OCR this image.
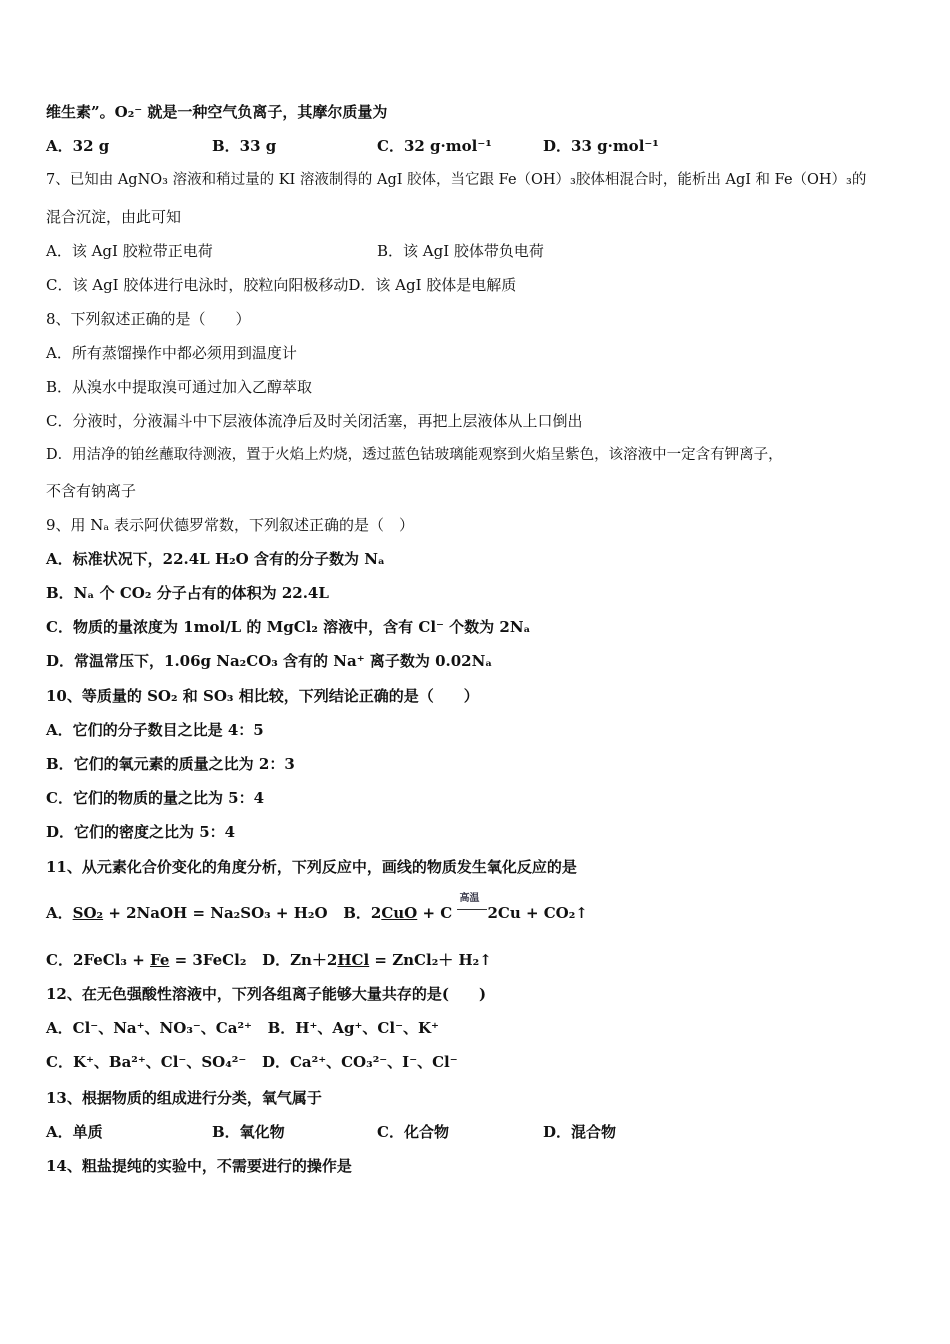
维生素”。O₂⁻ 就是一种空气负离子，其摩尔质量为
A．32 g	B．33 g	C．32 g·mol⁻¹	D．33 g·mol⁻¹
7、已知由 AgNO₃ 溶液和稍过量的 KI 溶液制得的 AgI 胶体，当它跟 Fe（OH）₃胶体相混合时，能析出 AgI 和 Fe（OH）₃的
混合沉淀，由此可知
A．该 AgI 胶粒带正电荷	B．该 AgI 胶体带负电荷
C．该 AgI 胶体进行电泳时，胶粒向阳极移动D．该 AgI 胶体是电解质
8、下列叙述正确的是（　　）
A．所有蒸馏操作中都必须用到温度计
B．从溴水中提取溴可通过加入乙醇萃取
C．分液时，分液漏斗中下层液体流净后及时关闭活塞，再把上层液体从上口倒出
D．用洁净的铂丝蘸取待测液，置于火焰上灼烧，透过蓝色钴玻璃能观察到火焰呈紫色，该溶液中一定含有钾离子，
不含有钠离子
9、用 Nₐ 表示阿伏德罗常数，下列叙述正确的是（　）
A．标准状况下，22.4L H₂O 含有的分子数为 Nₐ
B．Nₐ 个 CO₂ 分子占有的体积为 22.4L
C．物质的量浓度为 1mol/L 的 MgCl₂ 溶液中，含有 Cl⁻ 个数为 2Nₐ
D．常温常压下，1.06g Na₂CO₃ 含有的 Na⁺ 离子数为 0.02Nₐ
10、等质量的 SO₂ 和 SO₃ 相比较，下列结论正确的是（　　）
A．它们的分子数目之比是 4：5
B．它们的氧元素的质量之比为 2：3
C．它们的物质的量之比为 5：4
D．它们的密度之比为 5：4
11、从元素化合价变化的角度分析，下列反应中，画线的物质发生氧化反应的是
A．SO₂ + 2NaOH = Na₂SO₃ + H₂O B．2CuO + C
高温
2Cu + CO₂↑
C．2FeCl₃ + Fe = 3FeCl₂ D．Zn＋2HCl = ZnCl₂＋ H₂↑
12、在无色强酸性溶液中，下列各组离子能够大量共存的是(　　)
A．Cl⁻、Na⁺、NO₃⁻、Ca²⁺ B．H⁺、Ag⁺、Cl⁻、K⁺
C．K⁺、Ba²⁺、Cl⁻、SO₄²⁻ D．Ca²⁺、CO₃²⁻、I⁻、Cl⁻
13、根据物质的组成进行分类，氧气属于
A．单质	B．氧化物	C．化合物	D．混合物
14、粗盐提纯的实验中，不需要进行的操作是
